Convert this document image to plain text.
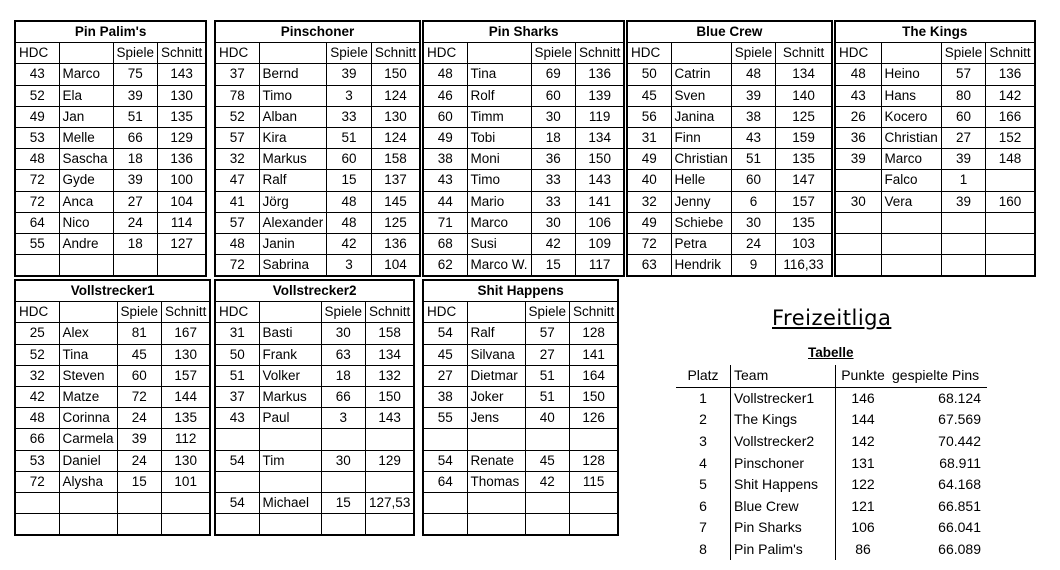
Pin Palim's			
HDC		Spiele	Schnitt
43	Marco	75	143
52	Ela	39	130
49	Jan	51	135
53	Melle	66	129
48	Sascha	18	136
72	Gyde	39	100
72	Anca	27	104
64	Nico	24	114
55	Andre	18	127

Pinschoner			
HDC		Spiele	Schnitt
37	Bernd	39	150
78	Timo	3	124
52	Alban	33	130
57	Kira	51	124
32	Markus	60	158
47	Ralf	15	137
41	Jörg	48	145
57	Alexander	48	125
48	Janin	42	136
72	Sabrina	3	104
Pin Sharks			
HDC		Spiele	Schnitt
48	Tina	69	136
46	Rolf	60	139
60	Timm	30	119
49	Tobi	18	134
38	Moni	36	150
43	Timo	33	143
44	Mario	33	141
71	Marco	30	106
68	Susi	42	109
62	Marco W.	15	117
Blue Crew			
HDC		Spiele	Schnitt
50	Catrin	48	134
45	Sven	39	140
56	Janina	38	125
31	Finn	43	159
49	Christian	51	135
40	Helle	60	147
32	Jenny	6	157
49	Schiebe	30	135
72	Petra	24	103
63	Hendrik	9	116,33
The Kings			
HDC		Spiele	Schnitt
48	Heino	57	136
43	Hans	80	142
26	Kocero	60	166
36	Christian	27	152
39	Marco	39	148
	Falco	1	
30	Vera	39	160

Vollstrecker1			
HDC		Spiele	Schnitt
25	Alex	81	167
52	Tina	45	130
32	Steven	60	157
42	Matze	72	144
48	Corinna	24	135
66	Carmela	39	112
53	Daniel	24	130
72	Alysha	15	101

Vollstrecker2			
HDC		Spiele	Schnitt
31	Basti	30	158
50	Frank	63	134
51	Volker	18	132
37	Markus	66	150
43	Paul	3	143

54	Tim	30	129

54	Michael	15	127,53

Shit Happens			
HDC		Spiele	Schnitt
54	Ralf	57	128
45	Silvana	27	141
27	Dietmar	51	164
38	Joker	51	150
55	Jens	40	126

54	Renate	45	128
64	Thomas	42	115

Freizeitliga
Tabelle
Platz	Team	Punkte	gespielte Pins
1	Vollstrecker1	146	68.124
2	The Kings	144	67.569
3	Vollstrecker2	142	70.442
4	Pinschoner	131	68.911
5	Shit Happens	122	64.168
6	Blue Crew	121	66.851
7	Pin Sharks	106	66.041
8	Pin Palim's	86	66.089
